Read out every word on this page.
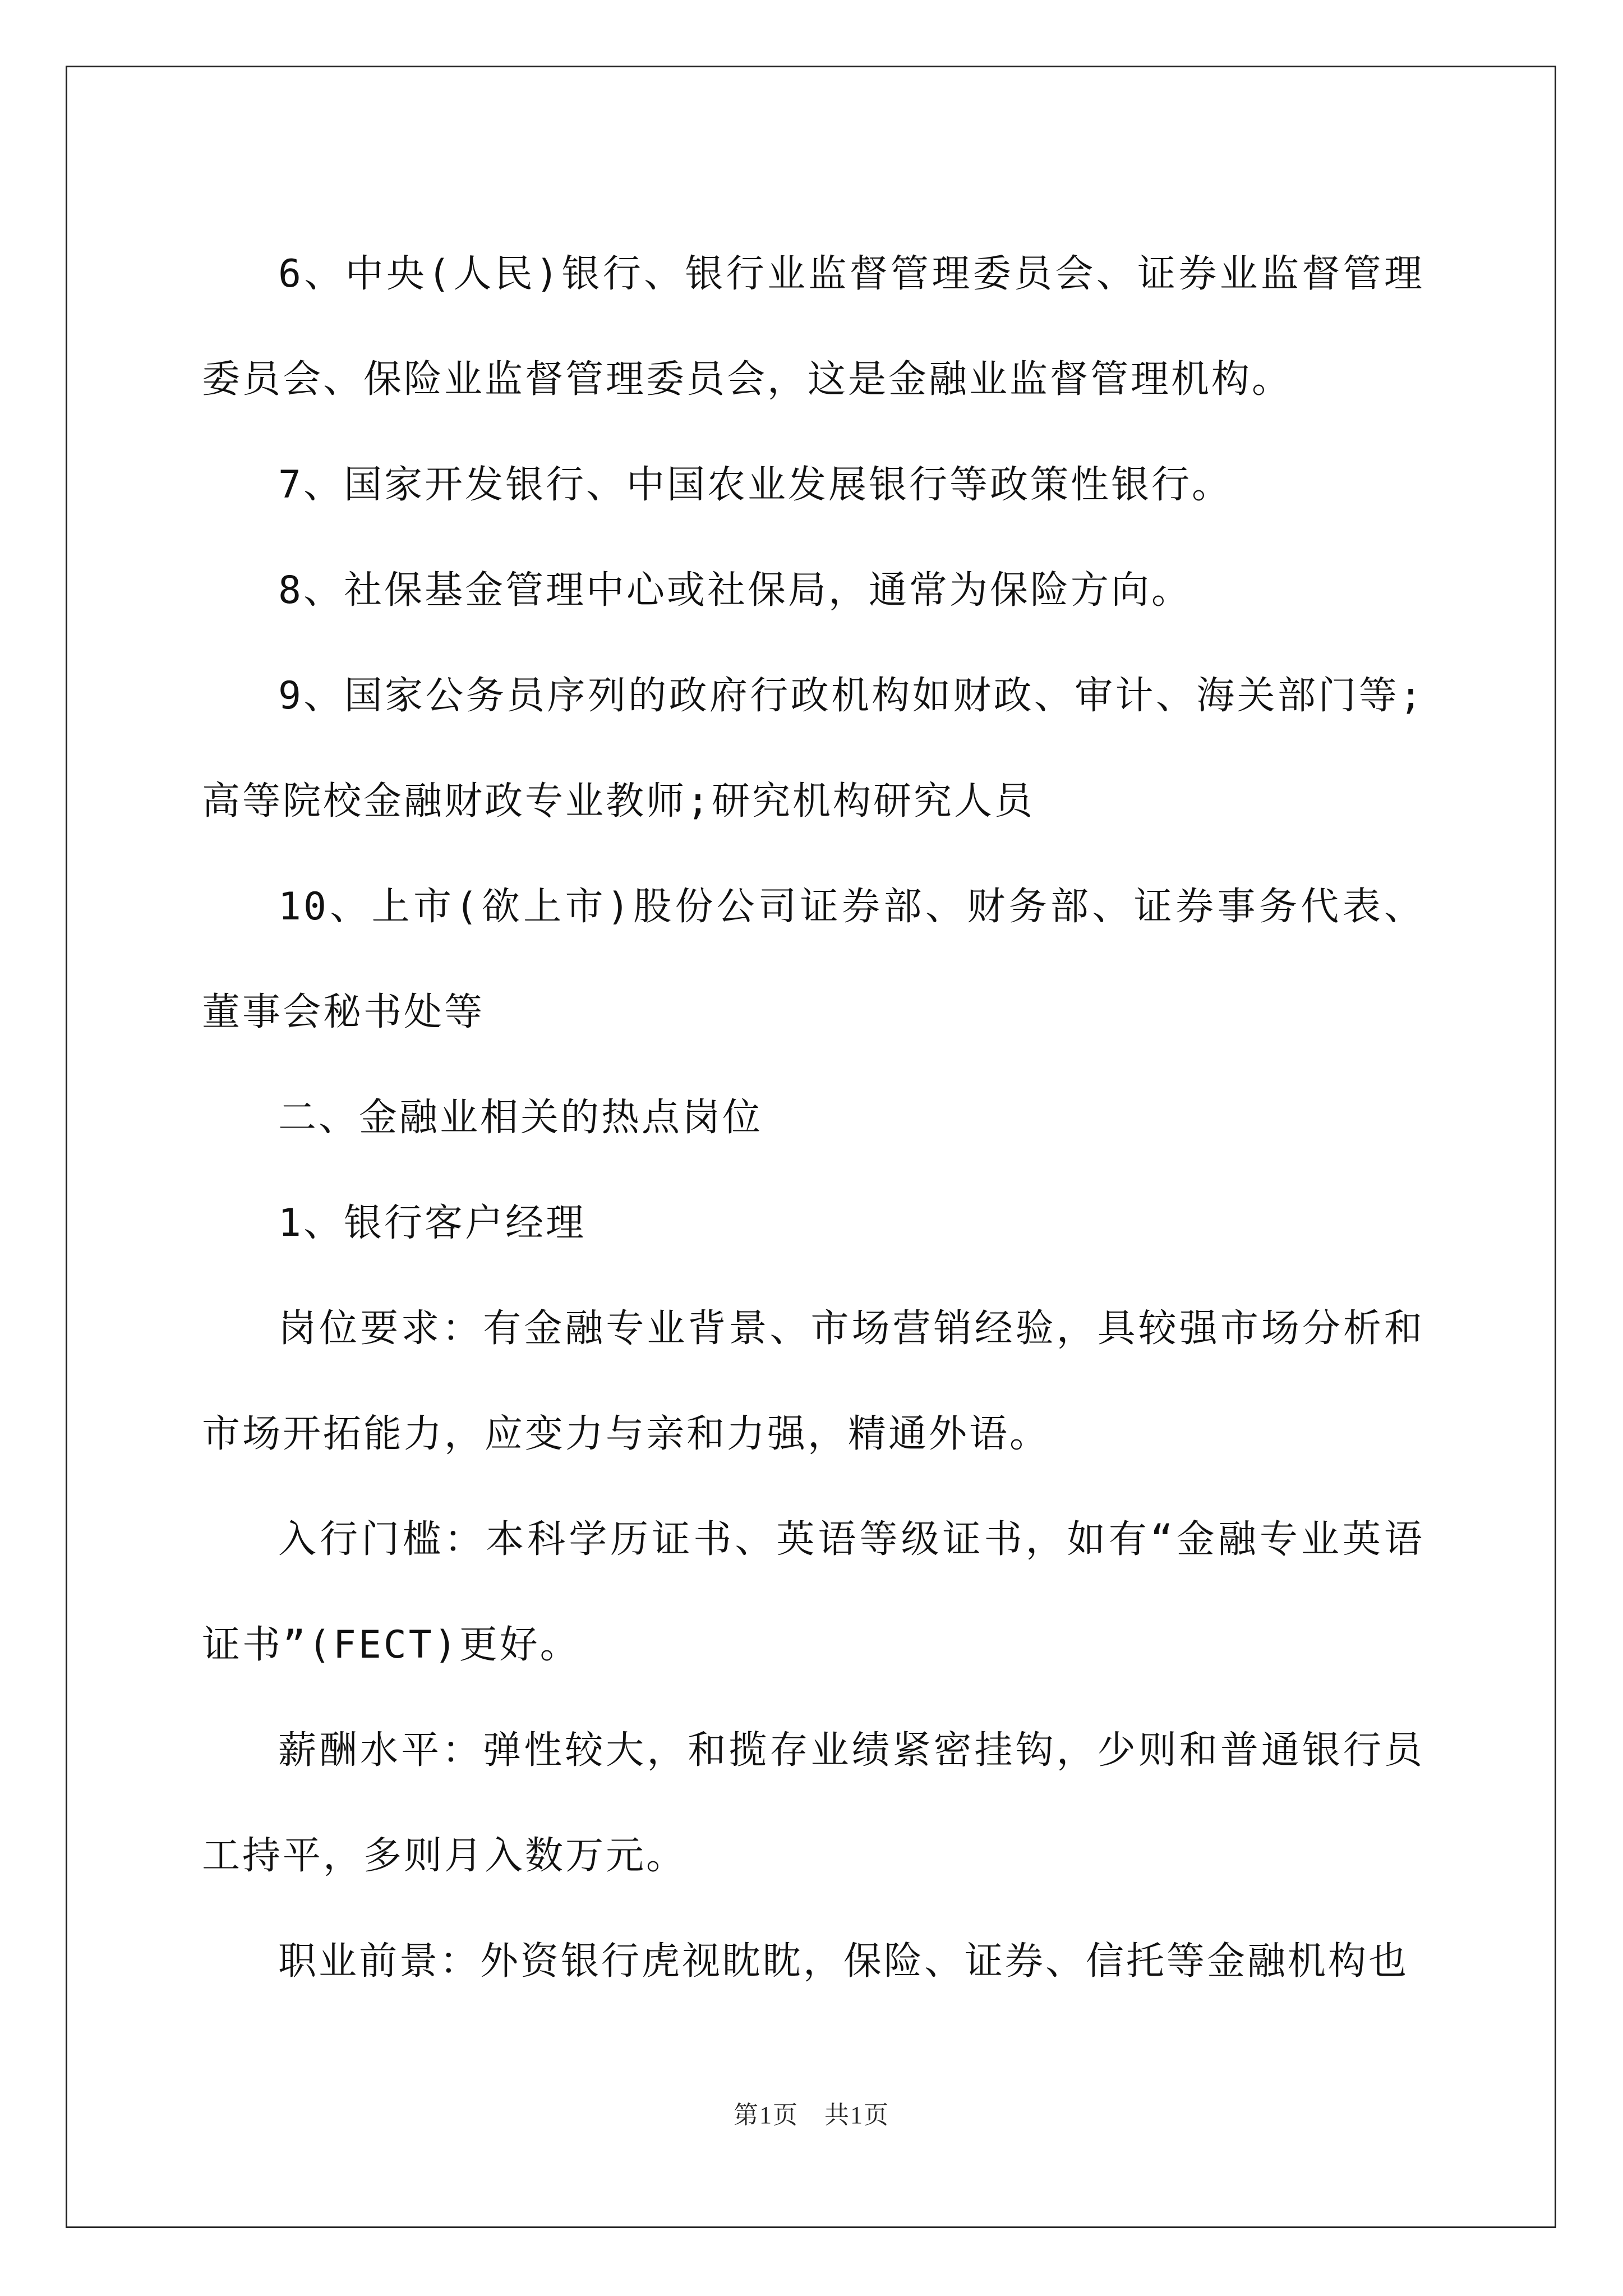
6、中央(人民)银行、银行业监督管理委员会、证券业监督管理委员会、保险业监督管理委员会，这是金融业监督管理机构。

7、国家开发银行、中国农业发展银行等政策性银行。

8、社保基金管理中心或社保局，通常为保险方向。

9、国家公务员序列的政府行政机构如财政、审计、海关部门等;高等院校金融财政专业教师;研究机构研究人员

10、上市(欲上市)股份公司证券部、财务部、证券事务代表、董事会秘书处等

二、金融业相关的热点岗位

1、银行客户经理

岗位要求：有金融专业背景、市场营销经验，具较强市场分析和市场开拓能力，应变力与亲和力强，精通外语。

入行门槛：本科学历证书、英语等级证书，如有“金融专业英语证书”(FECT)更好。

薪酬水平：弹性较大，和揽存业绩紧密挂钩，少则和普通银行员工持平，多则月入数万元。

职业前景：外资银行虎视眈眈，保险、证券、信托等金融机构也

第1页　共1页
